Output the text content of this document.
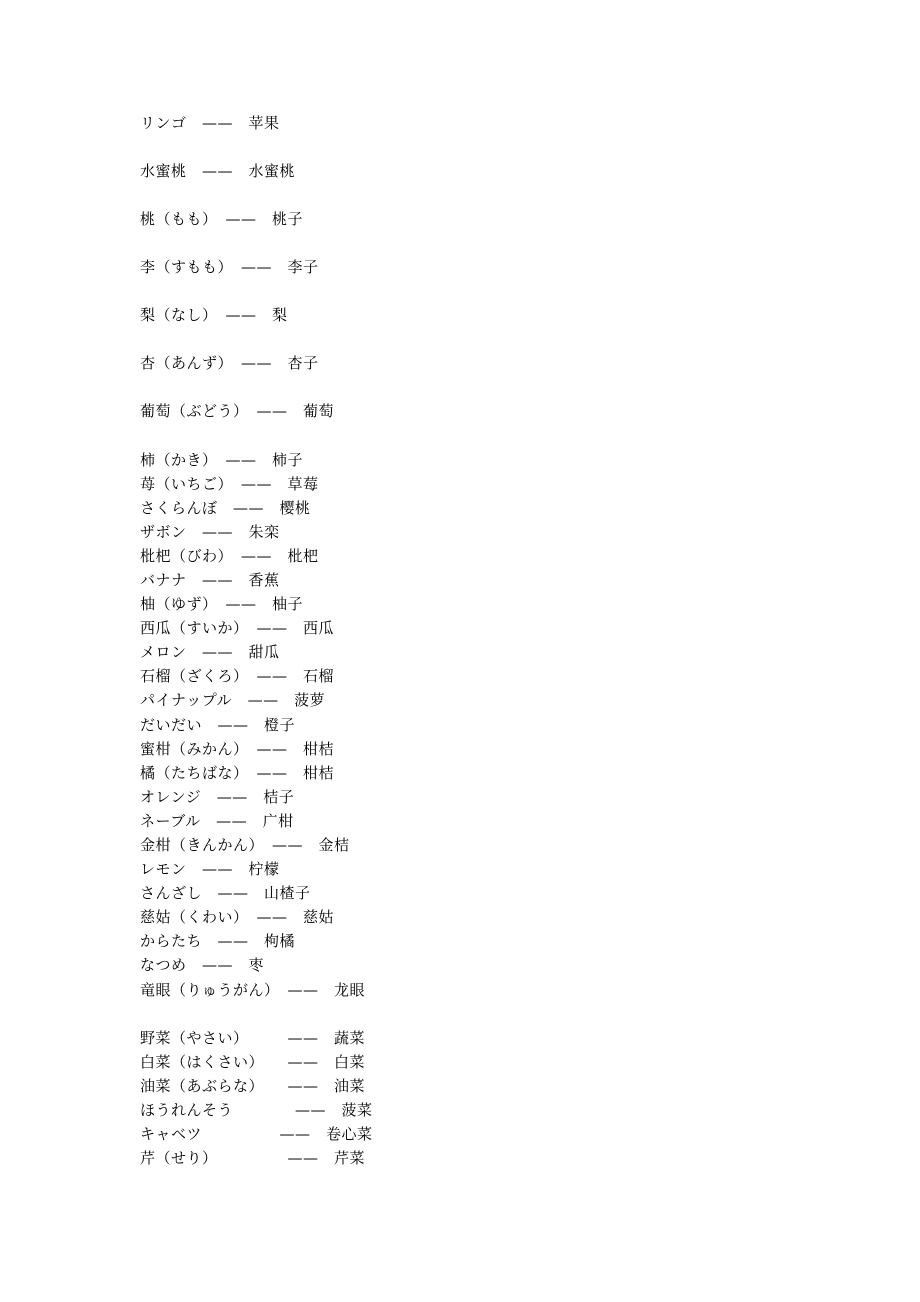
リンゴ　——　苹果
水蜜桃　——　水蜜桃
桃（もも）　——　桃子
李（すもも）　——　李子
梨（なし）　——　梨
杏（あんず）　——　杏子
葡萄（ぶどう）　——　葡萄
柿（かき）　——　柿子
苺（いちご）　——　草莓
さくらんぼ　——　樱桃
ザボン　——　朱栾
枇杷（びわ）　——　枇杷
バナナ　——　香蕉
柚（ゆず）　——　柚子
西瓜（すいか）　——　西瓜
メロン　——　甜瓜
石榴（ざくろ）　——　石榴
パイナップル　——　菠萝
だいだい　——　橙子
蜜柑（みかん）　——　柑桔
橘（たちばな）　——　柑桔
オレンジ　——　桔子
ネーブル　——　广柑
金柑（きんかん）　——　金桔
レモン　——　柠檬
さんざし　——　山楂子
慈姑（くわい）　——　慈姑
からたち　——　枸橘
なつめ　——　枣
竜眼（りゅうがん）　——　龙眼
野菜（やさい）　　　——　蔬菜
白菜（はくさい）　　——　白菜
油菜（あぶらな）　　——　油菜
ほうれんそう　　　　——　菠菜
キャベツ　　　　　——　卷心菜
芹（せり）　　　　　——　芹菜
